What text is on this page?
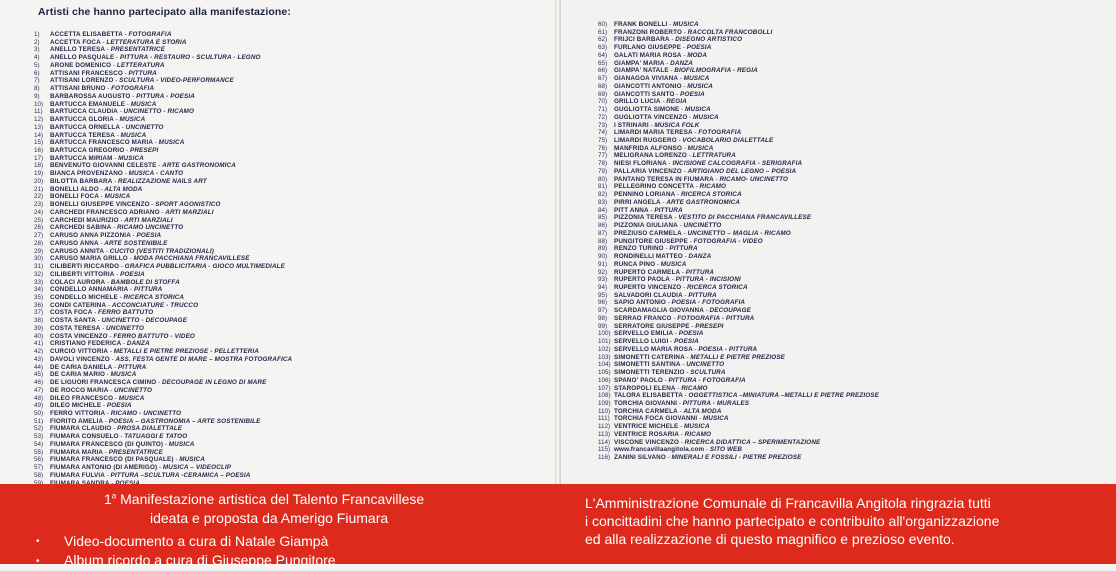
Artisti che hanno partecipato alla manifestazione:
1) ACCETTA ELISABETTA - FOTOGRAFIA
2) ACCETTA FOCA - LETTERATURA E STORIA
3) ANELLO TERESA - PRESENTATRICE
4) ANELLO PASQUALE - PITTURA - RESTAURO - SCULTURA - LEGNO
5) ARONE DOMENICO - LETTERATURA
6) ATTISANI FRANCESCO - PITTURA
7) ATTISANI LORENZO - SCULTURA - VIDEO-PERFORMANCE
8) ATTISANI BRUNO - FOTOGRAFIA
9) BARBAROSSA AUGUSTO - PITTURA - POESIA
10) BARTUCCA EMANUELE - MUSICA
11) BARTUCCA CLAUDIA - UNCINETTO - RICAMO
12) BARTUCCA GLORIA - MUSICA
13) BARTUCCA ORNELLA - UNCINETTO
14) BARTUCCA TERESA - MUSICA
15) BARTUCCA FRANCESCO MARIA - MUSICA
16) BARTUCCA GREGORIO - PRESEPI
17) BARTUCCA MIRIAM - MUSICA
18) BENVENUTO GIOVANNI CELESTE - ARTE GASTRONOMICA
19) BIANCA PROVENZANO - MUSICA - CANTO
20) BILOTTA BARBARA - REALIZZAZIONE NAILS ART
21) BONELLI ALDO - ALTA MODA
22) BONELLI FOCA - MUSICA
23) BONELLI GIUSEPPE VINCENZO - SPORT AGONISTICO
24) CARCHEDI FRANCESCO ADRIANO - ARTI MARZIALI
25) CARCHEDI MAURIZIO - ARTI MARZIALI
26) CARCHEDI SABINA - RICAMO UNCINETTO
27) CARUSO ANNA PIZZONIA - POESIA
28) CARUSO ANNA - ARTE SOSTENIBILE
29) CARUSO ANNITA - CUCITO (VESTITI TRADIZIONALI)
30) CARUSO MARIA GRILLO - MODA PACCHIANA FRANCAVILLESE
31) CILIBERTI RICCARDO - GRAFICA PUBBLICITARIA - GIOCO MULTIMEDIALE
32) CILIBERTI VITTORIA - POESIA
33) COLACI AURORA - BAMBOLE DI STOFFA
34) CONDELLO ANNAMARIA - PITTURA
35) CONDELLO MICHELE - RICERCA STORICA
36) CONDI CATERINA - ACCONCIATURE - TRUCCO
37) COSTA FOCA - FERRO BATTUTO
38) COSTA SANTA - UNCINETTO - DECOUPAGE
39) COSTA TERESA - UNCINETTO
40) COSTA VINCENZO - FERRO BATTUTO - VIDEO
41) CRISTIANO FEDERICA - DANZA
42) CURCIO VITTORIA - METALLI E PIETRE PREZIOSE - PELLETTERIA
43) DAVOLI VINCENZO - ASS. FESTA GENTE DI MARE – MOSTRA FOTOGRAFICA
44) DE CARIA DANIELA - PITTURA
45) DE CARIA MARIO - MUSICA
46) DE LIGUORI FRANCESCA CIMINO - DECOUPAGE IN LEGNO DI MARE
47) DE ROCCO MARIA - UNCINETTO
48) DILEO FRANCESCO - MUSICA
49) DILEO MICHELE - POESIA
50) FERRO VITTORIA - RICAMO - UNCINETTO
51) FIORITO AMELIA - POESIA – GASTRONOMIA – ARTE SOSTENIBILE
52) FIUMARA CLAUDIO - PROSA DIALETTALE
53) FIUMARA CONSUELO - TATUAGGI E TATOO
54) FIUMARA FRANCESCO (DI QUINTO) - MUSICA
55) FIUMARA MARIA - PRESENTATRICE
56) FIUMARA FRANCESCO (DI PASQUALE) - MUSICA
57) FIUMARA ANTONIO (DI AMERIGO) - MUSICA – VIDEOCLIP
58) FIUMARA FULVIA - PITTURA –SCULTURA -CERAMICA – POESIA
60) FRANK BONELLI - MUSICA
61) FRANZONI ROBERTO - RACCOLTA FRANCOBOLLI
62) FRIJCI BARBARA - DISEGNO ARTISTICO
63) FURLANO GIUSEPPE - POESIA
64) GALATI MARIA ROSA - MODA
65) GIAMPA' MARIA - DANZA
66) GIAMPA' NATALE - BIOFILMOGRAFIA - REGIA
67) GIANAGOA VIVIANA - MUSICA
68) GIANCOTTI ANTONIO - MUSICA
69) GIANCOTTI SANTO - POESIA
70) GRILLO LUCIA - REGIA
71) GUGLIOTTA SIMONE - MUSICA
72) GUGLIOTTA VINCENZO - MUSICA
73) I STRINARI - MUSICA FOLK
74) LIMARDI MARIA TERESA - FOTOGRAFIA
75) LIMARDI RUGGERO - VOCABOLARIO DIALETTALE
76) MANFRIDA ALFONSO - MUSICA
77) MELIGRANA LORENZO - LETTRATURA
78) NIESI FLORIANA - INCISIONE CALCOGRAFIA - SERIGRAFIA
79) PALLARIA VINCENZO - ARTIGIANO DEL LEGNO – POESIA
80) PANTANO TERESA IN FIUMARA - RICAMO- UNCINETTO
81) PELLEGRINO CONCETTA - RICAMO
82) PENNINO LORIANA - RICERCA STORICA
83) PIRRI ANGELA - ARTE GASTRONOMICA
84) PITT ANNA - PITTURA
85) PIZZONIA TERESA - VESTITO DI PACCHIANA FRANCAVILLESE
86) PIZZONIA GIULIANA - UNCINETTO
87) PREZIUSO CARMELA - UNCINETTO – MAGLIA - RICAMO
88) PUNGITORE GIUSEPPE - FOTOGRAFIA - VIDEO
89) RENZO TURINO - PITTURA
90) RONDINELLI MATTEO - DANZA
91) RUNCA PINO - MUSICA
92) RUPERTO CARMELA - PITTURA
93) RUPERTO PAOLA - PITTURA - INCISIONI
94) RUPERTO VINCENZO - RICERCA STORICA
95) SALVADORI CLAUDIA - PITTURA
96) SAPIO ANTONIO - POESIA - FOTOGRAFIA
97) SCARDAMAGLIA GIOVANNA - DECOUPAGE
98) SERRAO FRANCO - FOTOGRAFIA - PITTURA
99) SERRATORE GIUSEPPE - PRESEPI
100) SERVELLO EMILIA - POESIA
101) SERVELLO LUIGI - POESIA
102) SERVELLO MARIA ROSA - POESIA - PITTURA
103) SIMONETTI CATERINA - METALLI E PIETRE PREZIOSE
104) SIMONETTI SANTINA - UNCINETTO
105) SIMONETTI TERENZIO - SCULTURA
106) SPANO' PAOLO - PITTURA - FOTOGRAFIA
107) STAROPOLI ELENA - RICAMO
108) TALORA ELISABETTA - OGGETTISTICA –MINIATURA –METALLI E PIETRE PREZIOSE
109) TORCHIA GIOVANNI - PITTURA - MURALES
110) TORCHIA CARMELA - ALTA MODA
111) TORCHIA FOCA GIOVANNI - MUSICA
112) VENTRICE MICHELE - MUSICA
113) VENTRICE ROSARIA - RICAMO
114) VISCONE VINCENZO - RICERCA DIDATTICA – SPERIMENTAZIONE
115) www.francavillaangitola.com - SITO WEB
116) ZANINI SILVANO - MINERALI E FOSSILI - PIETRE PREZIOSE
1$^a$ Manifestazione artistica del Talento Francavillese
ideata e proposta da Amerigo Fiumara
• Video-documento a cura di Natale Giampà
• Album ricordo a cura di Giuseppe Pungitore
L'Amministrazione Comunale di Francavilla Angitola ringrazia tutti
i concittadini che hanno partecipato e contribuito all'organizzazione
ed alla realizzazione di questo magnifico e prezioso evento.
